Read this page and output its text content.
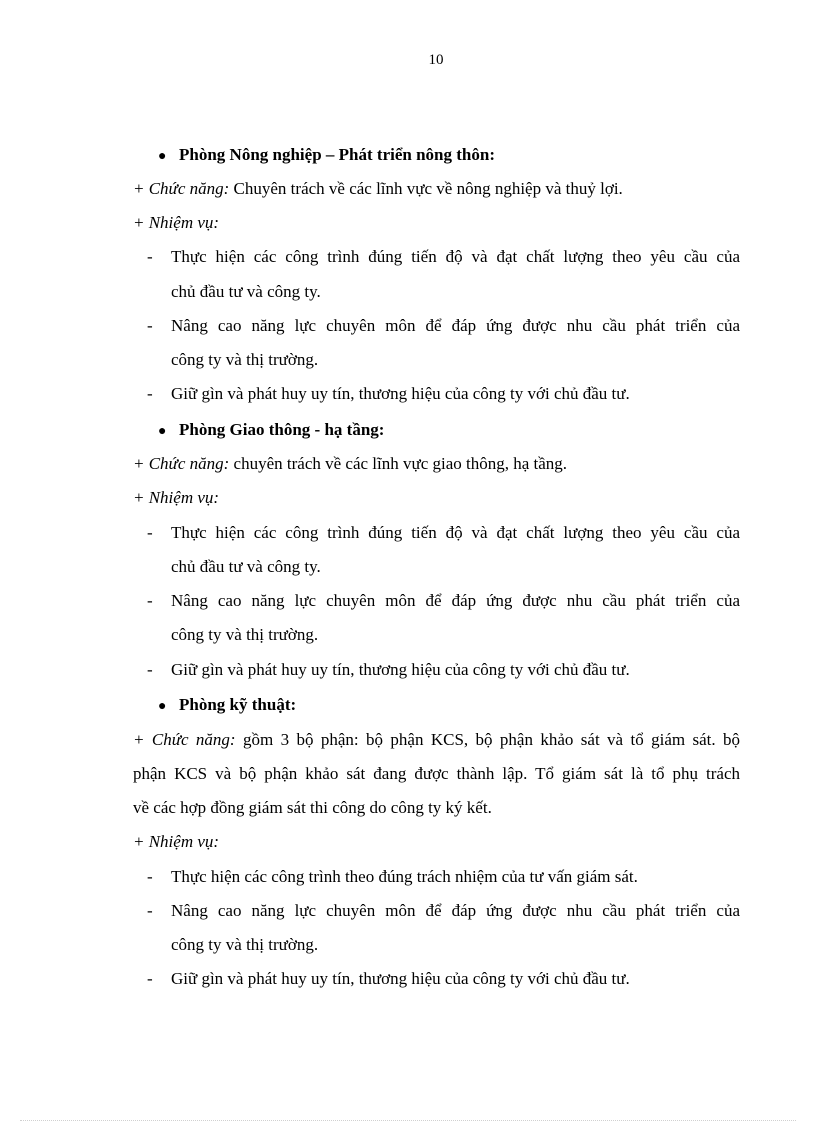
10
● Phòng Nông nghiệp – Phát triển nông thôn:
+ Chức năng: Chuyên trách về các lĩnh vực về nông nghiệp và thuỷ lợi.
+ Nhiệm vụ:
- Thực hiện các công trình đúng tiến độ và đạt chất lượng theo yêu cầu của
chủ đầu tư và công ty.
- Nâng cao năng lực chuyên môn để đáp ứng được nhu cầu phát triển của
công ty và thị trường.
- Giữ gìn và phát huy uy tín, thương hiệu của công ty với chủ đầu tư.
● Phòng Giao thông - hạ tầng:
+ Chức năng: chuyên trách về các lĩnh vực giao thông, hạ tầng.
+ Nhiệm vụ:
- Thực hiện các công trình đúng tiến độ và đạt chất lượng theo yêu cầu của
chủ đầu tư và công ty.
- Nâng cao năng lực chuyên môn để đáp ứng được nhu cầu phát triển của
công ty và thị trường.
- Giữ gìn và phát huy uy tín, thương hiệu của công ty với chủ đầu tư.
● Phòng kỹ thuật:
+ Chức năng: gồm 3 bộ phận: bộ phận KCS, bộ phận khảo sát và tổ giám sát. bộ
phận KCS và bộ phận khảo sát đang được thành lập. Tổ giám sát là tổ phụ trách
về các hợp đồng giám sát thi công do công ty ký kết.
+ Nhiệm vụ:
- Thực hiện các công trình theo đúng trách nhiệm của tư vấn giám sát.
- Nâng cao năng lực chuyên môn để đáp ứng được nhu cầu phát triển của
công ty và thị trường.
- Giữ gìn và phát huy uy tín, thương hiệu của công ty với chủ đầu tư.
